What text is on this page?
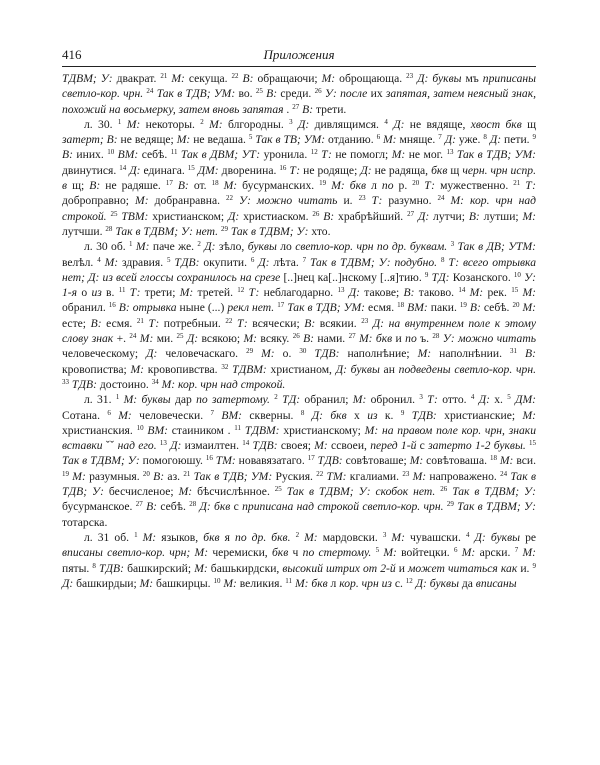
416	Приложения

ТДВМ; У: двакрат. $^{21}$ М: секуща. $^{22}$ В: обращаючи; М: оброщающа. $^{23}$ Д: буквы мъ приписаны светло-кор. чрн. $^{24}$ Так в ТДВ; УМ: во. $^{25}$ В: среди. $^{26}$ У: после их запятая, затем неясный знак, похожий на восьмерку, затем вновь запятая . $^{27}$ В: трети.

л. 30. $^1$ М: некоторы. $^2$ М: блгородны. $^3$ Д: дивлящимся. $^4$ Д: не вядяще, хвост бкв щ затерт; В: не ведяще; М: не ведаша. $^5$ Так в ТВ; УМ: отданию. $^6$ М: мняще. $^7$ Д: уже. $^8$ Д: пети. $^9$ В: иних. $^{10}$ ВМ: себѣ. $^{11}$ Так в ДВМ; УТ: уронила. $^{12}$ Т: не помогл; М: не мог. $^{13}$ Так в ТДВ; УМ: двинутися. $^{14}$ Д: единага. $^{15}$ ДМ: дворенина. $^{16}$ Т: не родяще; Д: не радяща, бкв щ черн. чрн испр. в щ; В: не радяше. $^{17}$ В: от. $^{18}$ М: бусурманских. $^{19}$ М: бкв л по р. $^{20}$ Т: мужественно. $^{21}$ Т: доброправно; М: добранравна. $^{22}$ У: можно читать и. $^{23}$ Т: разумно. $^{24}$ М: кор. чрн над строкой. $^{25}$ ТВМ: христианском; Д: христиаском. $^{26}$ В: храбрѣйший. $^{27}$ Д: лутчи; В: лутши; М: лутчши. $^{28}$ Так в ТДВМ; У: нет. $^{29}$ Так в ТДВМ; У: хто.

л. 30 об. $^1$ М: паче же. $^2$ Д: зѣло, буквы ло светло-кор. чрн по др. буквам. $^3$ Так в ДВ; УТМ: велѣл. $^4$ М: здравия. $^5$ ТДВ: окупити. $^6$ Д: лѣта. $^7$ Так в ТДВМ; У: подубно. $^8$ Т: всего отрывка нет; Д: из всей глоссы сохранилось на срезе [..]нец ка[..]нскому [..я]тию. $^9$ ТД: Козанского. $^{10}$ У: 1-я о из в. $^{11}$ Т: трети; М: третей. $^{12}$ Т: неблагодарно. $^{13}$ Д: такове; В: таково. $^{14}$ М: рек. $^{15}$ М: обранил. $^{16}$ В: отрывка ныне (...) рекл нет. $^{17}$ Так в ТДВ; УМ: есмя. $^{18}$ ВМ: паки. $^{19}$ В: себѣ. $^{20}$ М: есте; В: есмя. $^{21}$ Т: потребныи. $^{22}$ Т: всячески; В: всякии. $^{23}$ Д: на внутреннем поле к этому слову знак +. $^{24}$ М: ми. $^{25}$ Д: всякою; М: всяку. $^{26}$ В: нами. $^{27}$ М: бкв и по ъ. $^{28}$ У: можно читать человеческому; Д: человечаскаго. $^{29}$ М: о. $^{30}$ ТДВ: наполнѣние; М: наполнѣнии. $^{31}$ В: кровопиства; М: кровопивства. $^{32}$ ТДВМ: христианом, Д: буквы ан подведены светло-кор. чрн. $^{33}$ ТДВ: достоино. $^{34}$ М: кор. чрн над строкой.

л. 31. $^1$ М: буквы дар по затертому. $^2$ ТД: обранил; М: обронил. $^3$ Т: отто. $^4$ Д: х. $^5$ ДМ: Сотана. $^6$ М: человечески. $^7$ ВМ: скверны. $^8$ Д: бкв х из к. $^9$ ТДВ: христианские; М: христианския. $^{10}$ ВМ: стаиником . $^{11}$ ТДВМ: христианскому; М: на правом поле кор. чрн, знаки вставки ˇˇ над его. $^{13}$ Д: измаилтен. $^{14}$ ТДВ: своея; М: ссвоеи, перед 1-й с затерто 1-2 буквы. $^{15}$ Так в ТДВМ; У: помогоюшу. $^{16}$ ТМ: новавязатаго. $^{17}$ ТДВ: совѣтоваше; М: совѣтоваша. $^{18}$ М: вси. $^{19}$ М: разумныя. $^{20}$ В: аз. $^{21}$ Так в ТДВ; УМ: Руския. $^{22}$ ТМ: кгалиами. $^{23}$ М: напроважено. $^{24}$ Так в ТДВ; У: бесчисленое; М: бѣсчислѣнное. $^{25}$ Так в ТДВМ; У: скобок нет. $^{26}$ Так в ТДВМ; У: бусурманское. $^{27}$ В: себѣ. $^{28}$ Д: бкв с приписана над строкой светло-кор. чрн. $^{29}$ Так в ТДВМ; У: тотарска.

л. 31 об. $^1$ М: языков, бкв я по др. бкв. $^2$ М: мардовски. $^3$ М: чувашски. $^4$ Д: буквы ре вписаны светло-кор. чрн; М: черемиски, бкв ч по стертому. $^5$ М: войтецки. $^6$ М: арски. $^7$ М: пяты. $^8$ ТДВ: башкирский; М: башькирдски, высокий штрих от 2-й и может читаться как и. $^9$ Д: башкирдыи; М: башкирцы. $^{10}$ М: великия. $^{11}$ М: бкв л кор. чрн из с. $^{12}$ Д: буквы да вписаны
